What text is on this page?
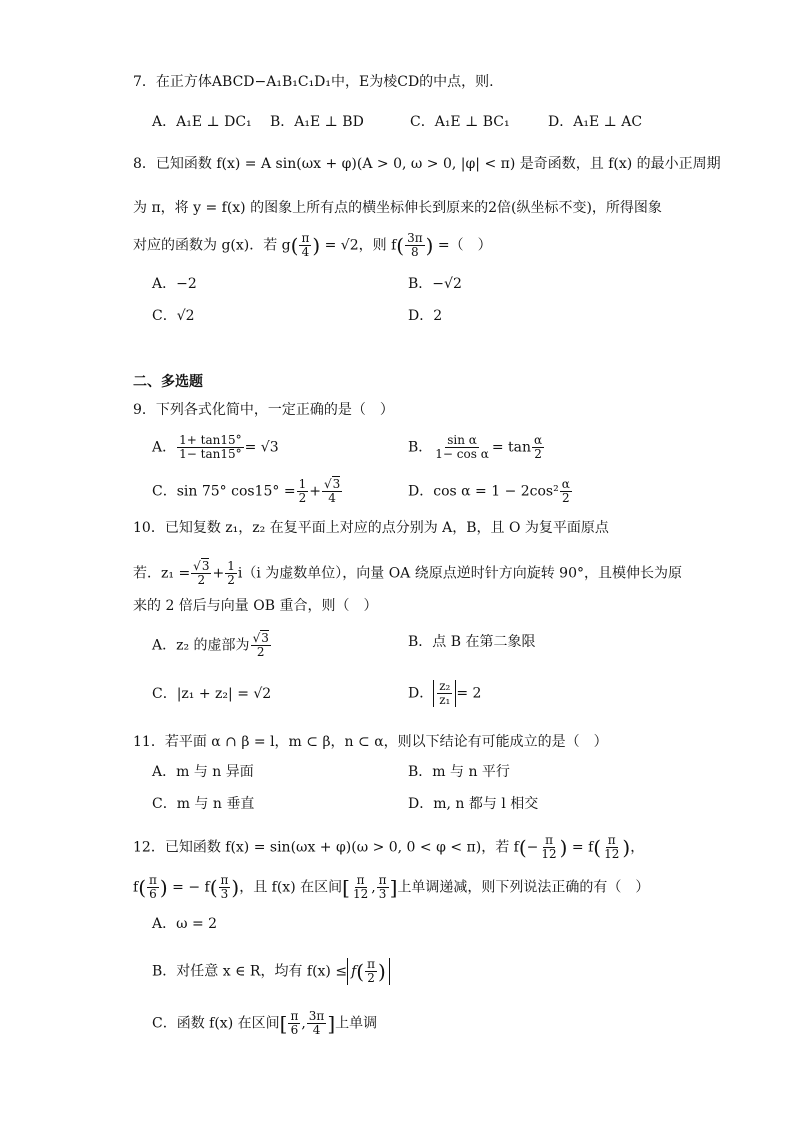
7．在正方体ABCD−A₁B₁C₁D₁中，E为棱CD的中点，则.
A．A₁E ⊥ DC₁ B．A₁E ⊥ BD	C．A₁E ⊥ BC₁	D．A₁E ⊥ AC
8．已知函数 f(x) = A sin(ωx + φ)(A > 0, ω > 0, |φ| < π) 是奇函数，且 f(x) 的最小正周期
为 π，将 y = f(x) 的图象上所有点的横坐标伸长到原来的2倍(纵坐标不变)，所得图象
对应的函数为 g(x)．若 $g( \frac{\pi}{4}$ ) = √2，则 $f( \frac{3\pi}{8}$ ) =（　）
A．−2	B．−√2
C．√2	D．2
二、多选题
9．下列各式化简中，一定正确的是（　）
A． $\frac{1+ \tan 15^\circ}{1- \tan 15^\circ} = √3$	B． $\frac{\text{sin α}}{\text{1− cos α}} = \tan \frac{\alpha}{2}$
C．sin 75° $\cos 15^\circ = \frac{1}{2} + \frac{√3}{4}$	D．$\cos \alpha = 1 - 2\cos^2 \frac{\alpha}{2}$
10．已知复数 z₁，z₂ 在复平面上对应的点分别为 A，B，且 O 为复平面原点
若．$z_1 = \frac{√3}{2} + \frac{1}{2} i(i$ 为虚数单位），向量 OA 绕原点逆时针方向旋转 90°，且模伸长为原
来的 2 倍后与向量 OB 重合，则（　）
A．z₂ 的虚部为 $\frac{√3}{2}$	B．点 B 在第二象限
C．|z₁ + z₂| = √2	D． $\frac{\text{z₂}}{\text{z₁}} = 2$
11．若平面 α ∩ β = l，m ⊂ β，n ⊂ α，则以下结论有可能成立的是（　）
A．m 与 n 异面	B．m 与 n 平行
C．m 与 n 垂直	D．m, n 都与 l 相交
12．已知函数 f(x) = sin(ωx + φ)(ω > 0, 0 < φ < π)，若 $f(- \frac{\pi}{12}$ ) = $f( \frac{\pi}{12}$ )，
$f( \frac{\pi}{6}$ ) = − $f( \frac{\pi}{3}$ )，且 f(x) 在区间[ $\frac{\pi}{12}$ , $\frac{\pi}{3}$ ]上单调递减，则下列说法正确的有（　）
A．ω = 2
B．对任意 x ∈ R，均有 $f(x) \le f( \frac{\pi}{2}$ )
C．函数 f(x) 在区间[ $\frac{\pi}{6}$ , $\frac{3\pi}{4}$ ]上单调
